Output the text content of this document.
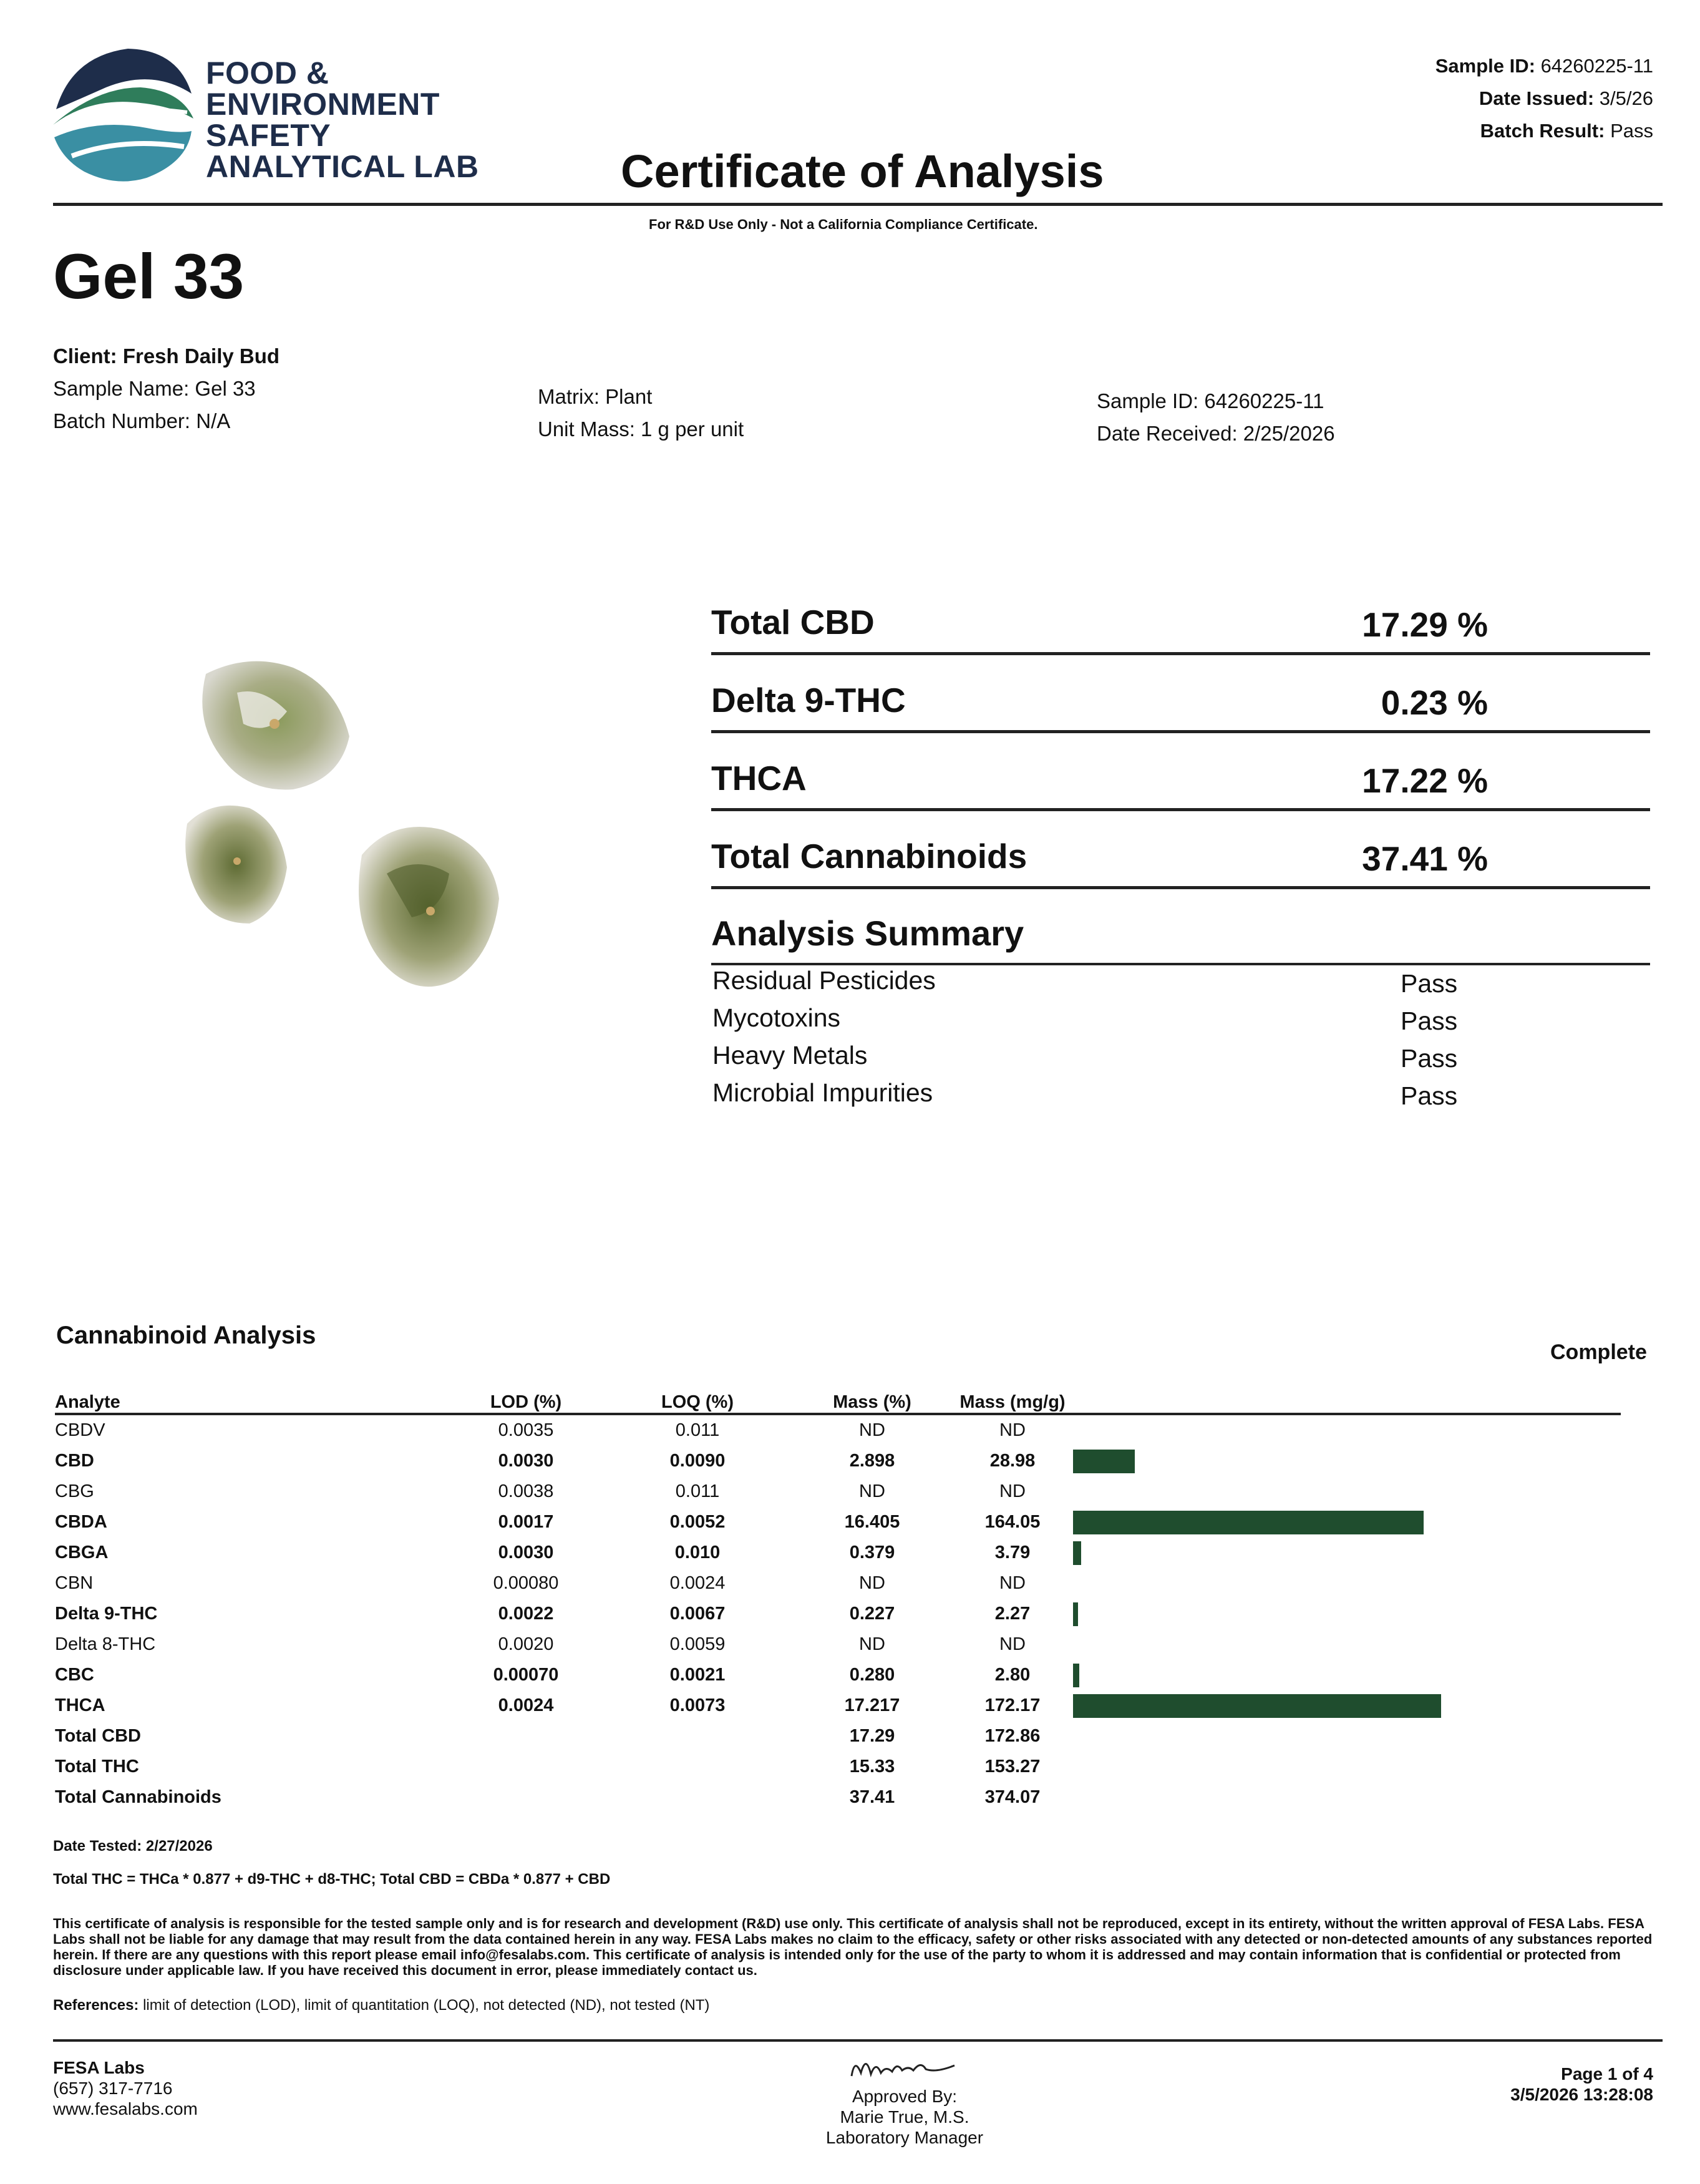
FOOD &
ENVIRONMENT
SAFETY
ANALYTICAL LAB	Certificate of Analysis
Sample ID: 64260225-11
Date Issued: 3/5/26
Batch Result: Pass
For R&D Use Only - Not a California Compliance Certificate.
Gel 33
Client: Fresh Daily Bud
Sample Name: Gel 33
Batch Number: N/A
Matrix: Plant
Unit Mass: 1 g per unit
Sample ID: 64260225-11
Date Received: 2/25/2026
Total CBD	17.29 %
Delta 9-THC	0.23 %
THCA	17.22 %
Total Cannabinoids	37.41 %
Analysis Summary
Residual Pesticides	Pass
Mycotoxins	Pass
Heavy Metals	Pass
Microbial Impurities	Pass
Cannabinoid Analysis
Complete
Analyte	LOD (%)	LOQ (%)	Mass (%)	Mass (mg/g)	
CBDV	0.0035	0.011	ND	ND	
CBD	0.0030	0.0090	2.898	28.98	
CBG	0.0038	0.011	ND	ND	
CBDA	0.0017	0.0052	16.405	164.05	
CBGA	0.0030	0.010	0.379	3.79	
CBN	0.00080	0.0024	ND	ND	
Delta 9-THC	0.0022	0.0067	0.227	2.27	
Delta 8-THC	0.0020	0.0059	ND	ND	
CBC	0.00070	0.0021	0.280	2.80	
THCA	0.0024	0.0073	17.217	172.17	
Total CBD			17.29	172.86	
Total THC			15.33	153.27	
Total Cannabinoids			37.41	374.07	
Date Tested: 2/27/2026
Total THC = THCa * 0.877 + d9-THC + d8-THC; Total CBD = CBDa * 0.877 + CBD
This certificate of analysis is responsible for the tested sample only and is for research and development (R&D) use only. This certificate of analysis shall not be reproduced, except in its entirety, without the written approval of FESA Labs. FESA Labs shall not be liable for any damage that may result from the data contained herein in any way. FESA Labs makes no claim to the efficacy, safety or other risks associated with any detected or non-detected amounts of any substances reported herein. If there are any questions with this report please email info@fesalabs.com. This certificate of analysis is intended only for the use of the party to whom it is addressed and may contain information that is confidential or protected from disclosure under applicable law. If you have received this document in error, please immediately contact us.
References: limit of detection (LOD), limit of quantitation (LOQ), not detected (ND), not tested (NT)
FESA Labs
(657) 317-7716
www.fesalabs.com
Approved By:
Marie True, M.S.
Laboratory Manager
Page 1 of 4
3/5/2026 13:28:08
